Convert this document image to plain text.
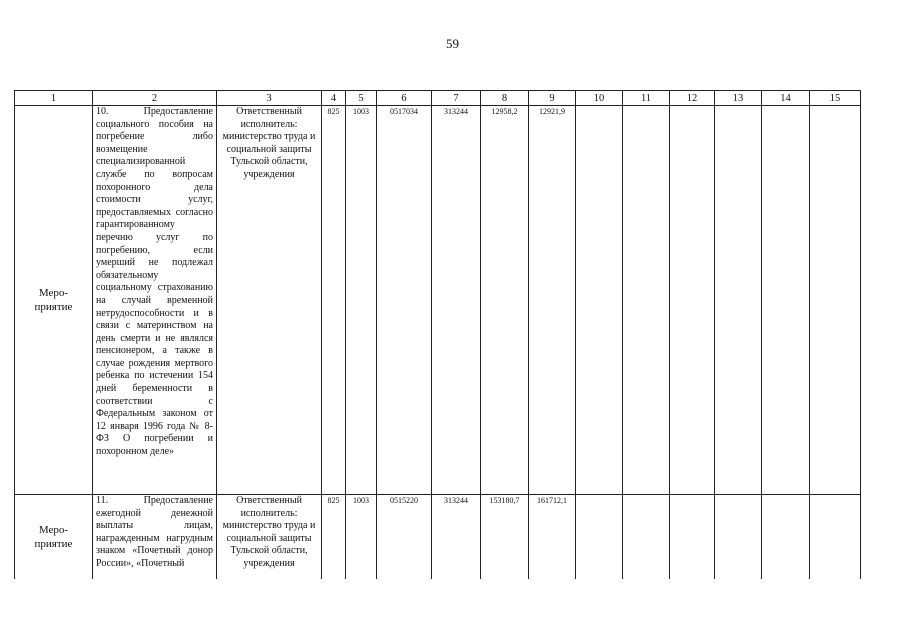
59
1	2	3	4	5	6	7	8	9	10	11	12	13	14	15

Меро-
приятие	10. Предоставление социального пособия на погребение либо возмещение специализированной службе по вопросам похоронного дела стоимости услуг, предоставляемых согласно гарантированному перечню услуг по погребению, если умерший не подлежал обязательному социальному страхованию на случай временной нетрудоспособности и в связи с материнством на день смерти и не являлся пенсионером, а также в случае рождения мертвого ребенка по истечении 154 дней беременности в соответствии с Федеральным законом от 12 января 1996 года № 8-ФЗ О погребении и похоронном деле»	Ответственный исполнитель: министерство труда и социальной защиты Тульской области, учреждения	825	1003	0517034	313244	12958,2	12921,9						

Меро-
приятие	11. Предоставление ежегодной денежной выплаты лицам, награжденным нагрудным знаком «Почетный донор России», «Почетный	Ответственный исполнитель: министерство труда и социальной защиты Тульской области, учреждения	825	1003	0515220	313244	153180,7	161712,1						
